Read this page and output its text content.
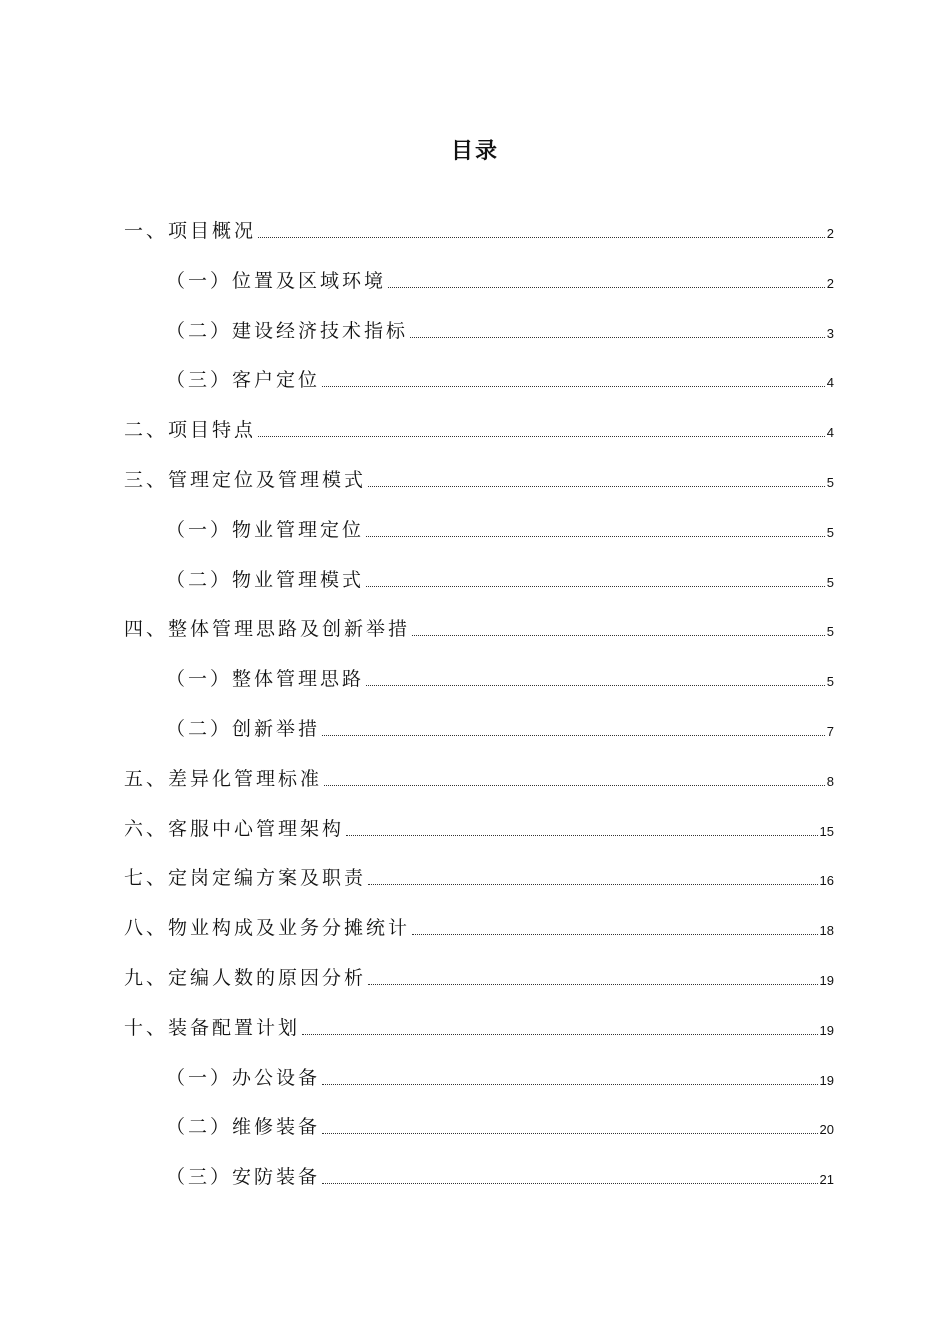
目录
一、项目概况	2
（一）位置及区域环境	2
（二）建设经济技术指标	3
（三）客户定位	4
二、项目特点	4
三、管理定位及管理模式	5
（一）物业管理定位	5
（二）物业管理模式	5
四、整体管理思路及创新举措	5
（一）整体管理思路	5
（二）创新举措	7
五、差异化管理标准	8
六、客服中心管理架构	15
七、定岗定编方案及职责	16
八、物业构成及业务分摊统计	18
九、定编人数的原因分析	19
十、装备配置计划	19
（一）办公设备	19
（二）维修装备	20
（三）安防装备	21
